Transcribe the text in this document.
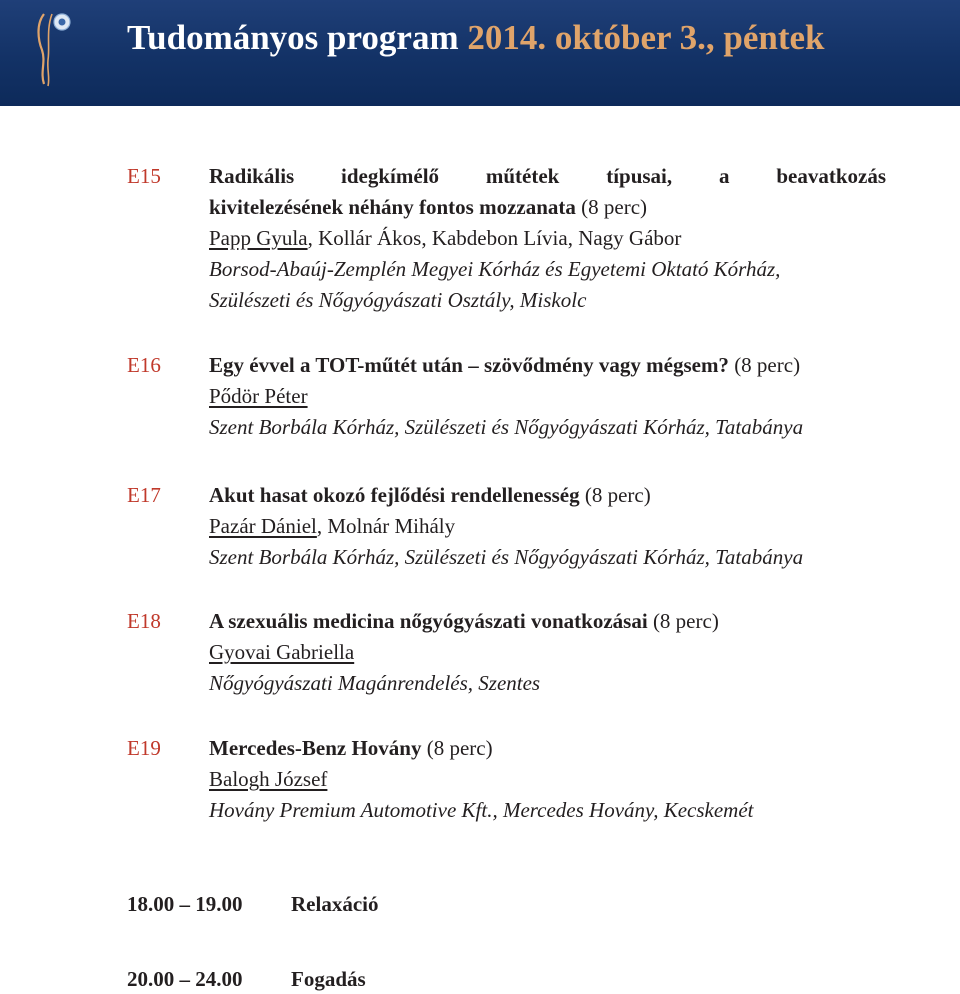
Tudományos program 2014. október 3., péntek
E15 Radikális idegkímélő műtétek típusai, a beavatkozás
kivitelezésének néhány fontos mozzanata (8 perc)
Papp Gyula, Kollár Ákos, Kabdebon Lívia, Nagy Gábor
Borsod-Abaúj-Zemplén Megyei Kórház és Egyetemi Oktató Kórház,
Szülészeti és Nőgyógyászati Osztály, Miskolc
E16 Egy évvel a TOT-műtét után – szövődmény vagy mégsem? (8 perc)
Pődör Péter
Szent Borbála Kórház, Szülészeti és Nőgyógyászati Kórház, Tatabánya
E17 Akut hasat okozó fejlődési rendellenesség (8 perc)
Pazár Dániel, Molnár Mihály
Szent Borbála Kórház, Szülészeti és Nőgyógyászati Kórház, Tatabánya
E18 A szexuális medicina nőgyógyászati vonatkozásai (8 perc)
Gyovai Gabriella
Nőgyógyászati Magánrendelés, Szentes
E19 Mercedes-Benz Hovány (8 perc)
Balogh József
Hovány Premium Automotive Kft., Mercedes Hovány, Kecskemét
18.00 – 19.00 Relaxáció
20.00 – 24.00 Fogadás
